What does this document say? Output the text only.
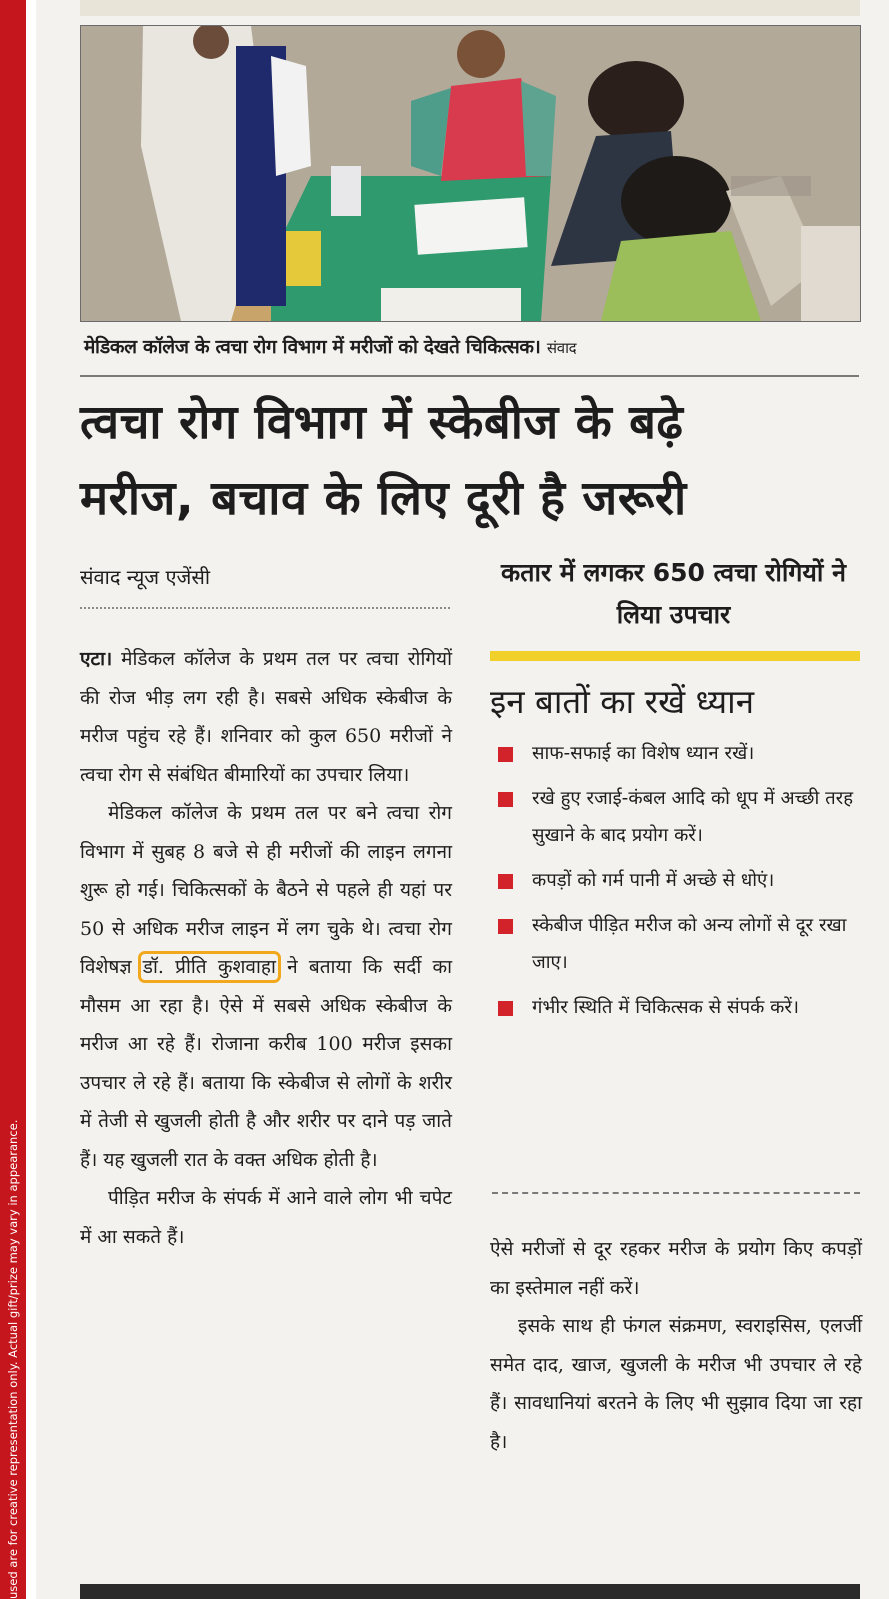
used are for creative representation only. Actual gift/prize may vary in appearance.
मेडिकल कॉलेज के त्वचा रोग विभाग में मरीजों को देखते चिकित्सक। संवाद
त्वचा रोग विभाग में स्केबीज के बढ़े
मरीज, बचाव के लिए दूरी है जरूरी
संवाद न्यूज एजेंसी	कतार में लगकर 650 त्वचा रोगियों ने लिया उपचार
इन बातों का रखें ध्यान
साफ-सफाई का विशेष ध्यान रखें।
रखे हुए रजाई-कंबल आदि को धूप में अच्छी तरह सुखाने के बाद प्रयोग करें।
कपड़ों को गर्म पानी में अच्छे से धोएं।
स्केबीज पीड़ित मरीज को अन्य लोगों से दूर रखा जाए।
गंभीर स्थिति में चिकित्सक से संपर्क करें।

एटा। मेडिकल कॉलेज के प्रथम तल पर त्वचा रोगियों की रोज भीड़ लग रही है। सबसे अधिक स्केबीज के मरीज पहुंच रहे हैं। शनिवार को कुल 650 मरीजों ने त्वचा रोग से संबंधित बीमारियों का उपचार लिया।

मेडिकल कॉलेज के प्रथम तल पर बने त्वचा रोग विभाग में सुबह 8 बजे से ही मरीजों की लाइन लगना शुरू हो गई। चिकित्सकों के बैठने से पहले ही यहां पर 50 से अधिक मरीज लाइन में लग चुके थे। त्वचा रोग विशेषज्ञ डॉ. प्रीति कुशवाहा ने बताया कि सर्दी का मौसम आ रहा है। ऐसे में सबसे अधिक स्केबीज के मरीज आ रहे हैं। रोजाना करीब 100 मरीज इसका उपचार ले रहे हैं। बताया कि स्केबीज से लोगों के शरीर में तेजी से खुजली होती है और शरीर पर दाने पड़ जाते हैं। यह खुजली रात के वक्त अधिक होती है।

पीड़ित मरीज के संपर्क में आने वाले लोग भी चपेट में आ सकते हैं।

ऐसे मरीजों से दूर रहकर मरीज के प्रयोग किए कपड़ों का इस्तेमाल नहीं करें।

इसके साथ ही फंगल संक्रमण, स्वराइसिस, एलर्जी समेत दाद, खाज, खुजली के मरीज भी उपचार ले रहे हैं। सावधानियां बरतने के लिए भी सुझाव दिया जा रहा है।
